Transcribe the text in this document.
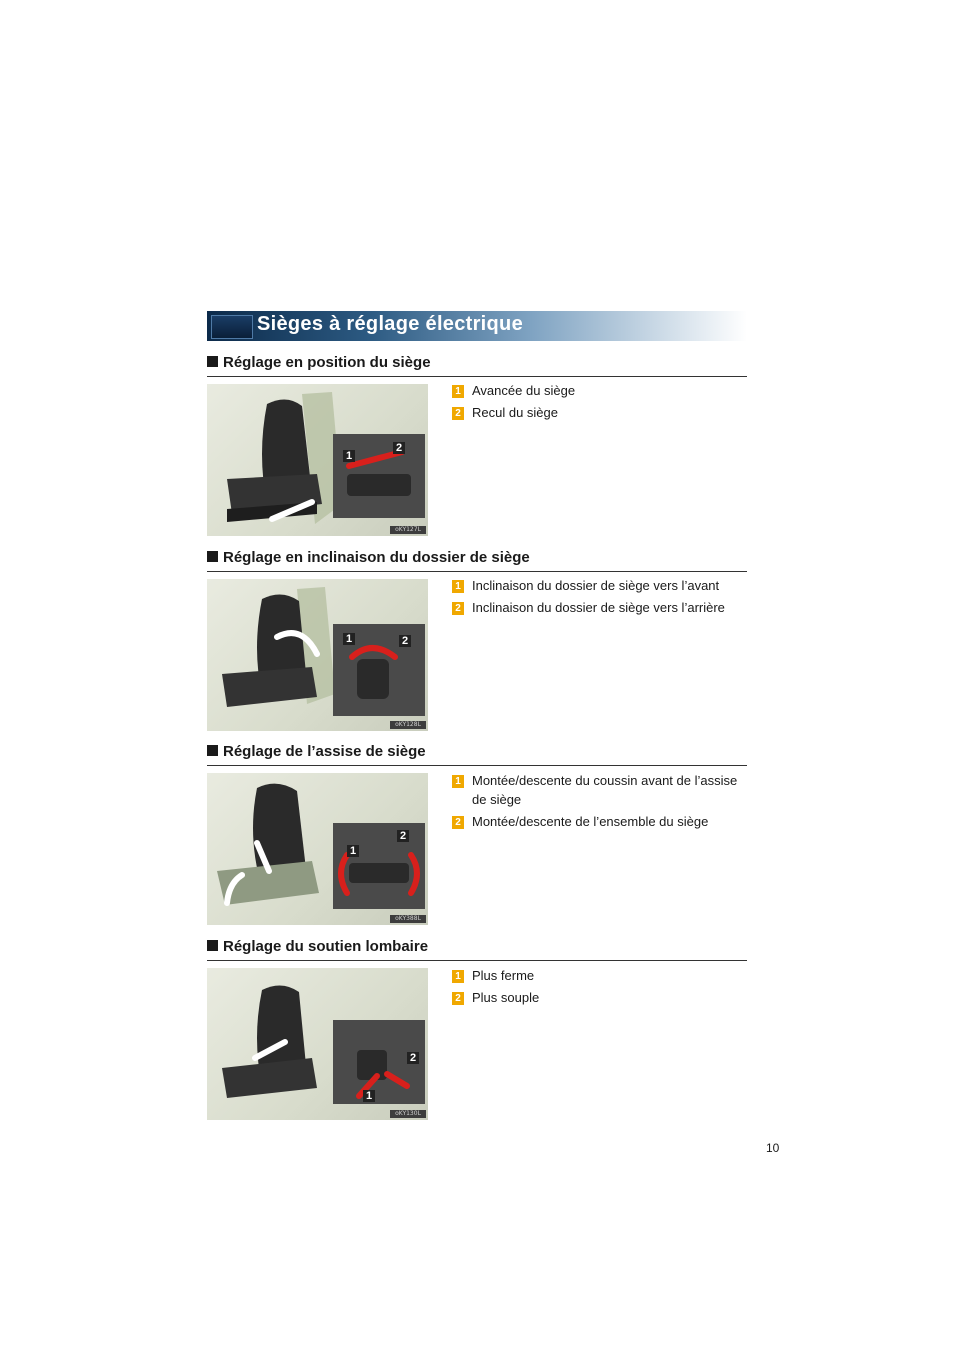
Sièges à réglage électrique
Réglage en position du siège
1
2
oKY127L
1 Avancée du siège
2 Recul du siège
Réglage en inclinaison du dossier de siège
1	2
oKY128L
1 Inclinaison du dossier de siège vers l’avant
2 Inclinaison du dossier de siège vers l’arrière
Réglage de l’assise de siège
1
2
oKY388L
1 Montée/descente du coussin avant de l’assise de siège
2 Montée/descente de l’ensemble du siège
Réglage du soutien lombaire
1
2
oKY130L
1 Plus ferme
2 Plus souple
10
